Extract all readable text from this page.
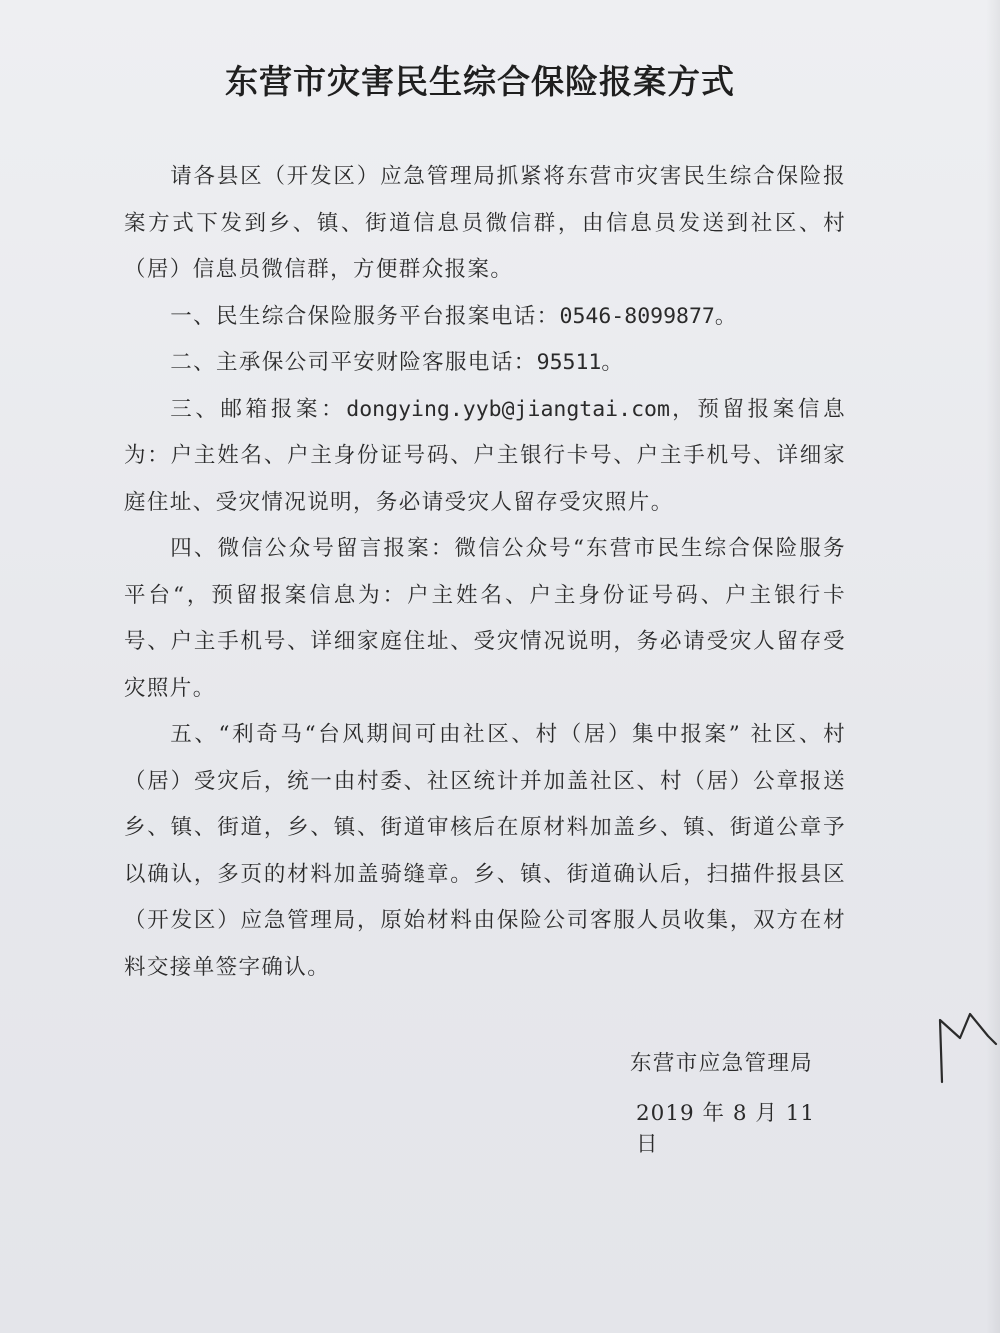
东营市灾害民生综合保险报案方式

请各县区（开发区）应急管理局抓紧将东营市灾害民生综合保险报案方式下发到乡、镇、街道信息员微信群，由信息员发送到社区、村（居）信息员微信群，方便群众报案。

一、民生综合保险服务平台报案电话：0546-8099877。

二、主承保公司平安财险客服电话：95511。

三、邮箱报案：dongying.yyb@jiangtai.com，预留报案信息为：户主姓名、户主身份证号码、户主银行卡号、户主手机号、详细家庭住址、受灾情况说明，务必请受灾人留存受灾照片。

四、微信公众号留言报案：微信公众号“东营市民生综合保险服务平台“，预留报案信息为：户主姓名、户主身份证号码、户主银行卡号、户主手机号、详细家庭住址、受灾情况说明，务必请受灾人留存受灾照片。

五、“利奇马“台风期间可由社区、村（居）集中报案” 社区、村（居）受灾后，统一由村委、社区统计并加盖社区、村（居）公章报送乡、镇、街道，乡、镇、街道审核后在原材料加盖乡、镇、街道公章予以确认，多页的材料加盖骑缝章。乡、镇、街道确认后，扫描件报县区（开发区）应急管理局，原始材料由保险公司客服人员收集，双方在材料交接单签字确认。

东营市应急管理局
2019 年 8 月 11 日
